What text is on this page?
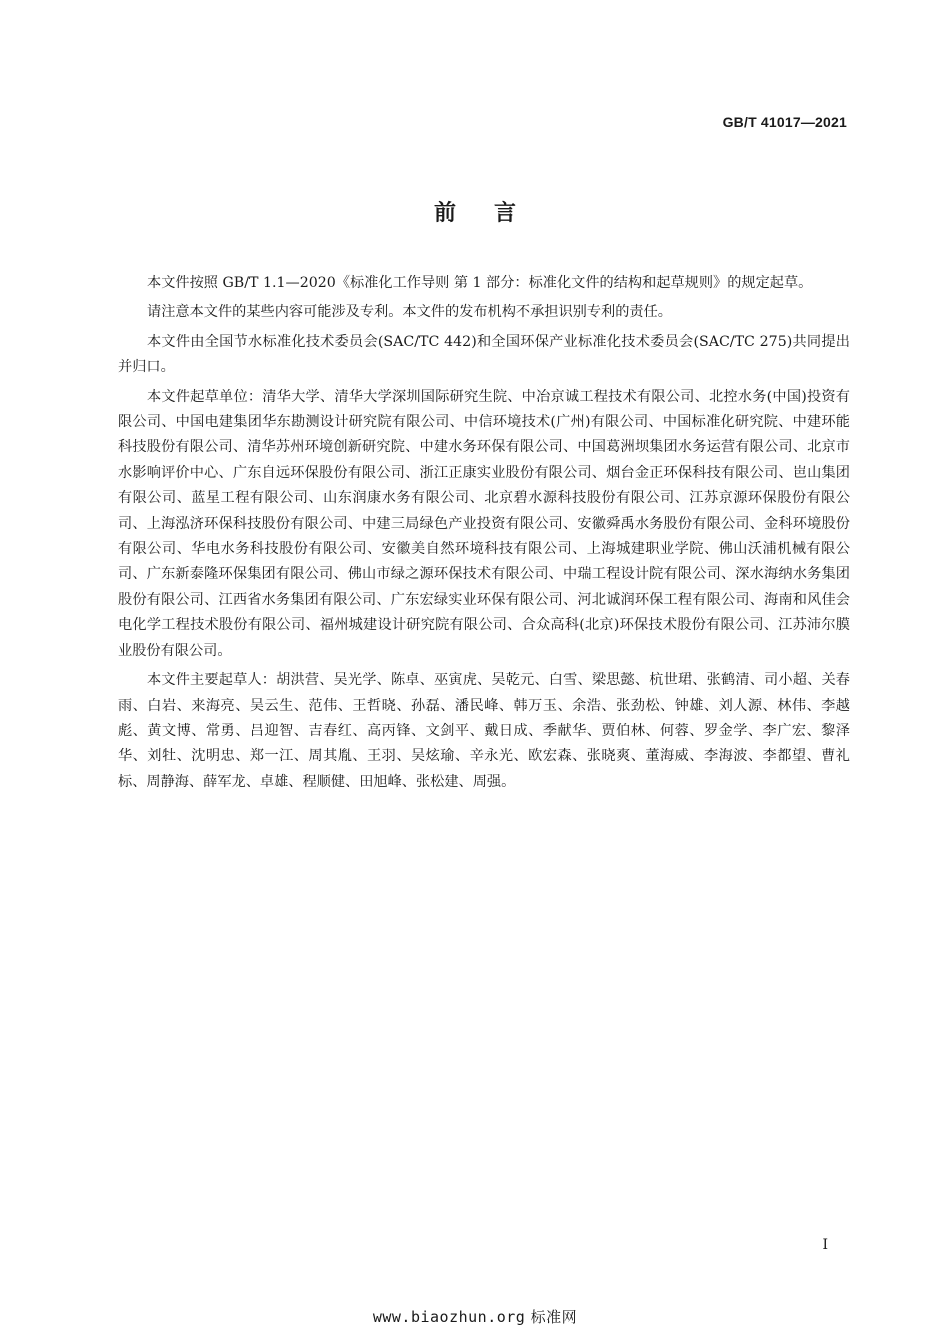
GB/T 41017—2021
前言

本文件按照 GB/T 1.1—2020《标准化工作导则 第 1 部分：标准化文件的结构和起草规则》的规定起草。

请注意本文件的某些内容可能涉及专利。本文件的发布机构不承担识别专利的责任。

本文件由全国节水标准化技术委员会(SAC/TC 442)和全国环保产业标准化技术委员会(SAC/TC 275)共同提出并归口。

本文件起草单位：清华大学、清华大学深圳国际研究生院、中冶京诚工程技术有限公司、北控水务(中国)投资有限公司、中国电建集团华东勘测设计研究院有限公司、中信环境技术(广州)有限公司、中国标准化研究院、中建环能科技股份有限公司、清华苏州环境创新研究院、中建水务环保有限公司、中国葛洲坝集团水务运营有限公司、北京市水影响评价中心、广东自远环保股份有限公司、浙江正康实业股份有限公司、烟台金正环保科技有限公司、岜山集团有限公司、蓝星工程有限公司、山东润康水务有限公司、北京碧水源科技股份有限公司、江苏京源环保股份有限公司、上海泓济环保科技股份有限公司、中建三局绿色产业投资有限公司、安徽舜禹水务股份有限公司、金科环境股份有限公司、华电水务科技股份有限公司、安徽美自然环境科技有限公司、上海城建职业学院、佛山沃浦机械有限公司、广东新泰隆环保集团有限公司、佛山市绿之源环保技术有限公司、中瑞工程设计院有限公司、深水海纳水务集团股份有限公司、江西省水务集团有限公司、广东宏绿实业环保有限公司、河北诚润环保工程有限公司、海南和风佳会电化学工程技术股份有限公司、福州城建设计研究院有限公司、合众高科(北京)环保技术股份有限公司、江苏沛尔膜业股份有限公司。

本文件主要起草人：胡洪营、吴光学、陈卓、巫寅虎、吴乾元、白雪、梁思懿、杭世珺、张鹤清、司小超、关春雨、白岩、来海亮、吴云生、范伟、王哲晓、孙磊、潘民峰、韩万玉、余浩、张劲松、钟雄、刘人源、林伟、李越彪、黄文博、常勇、吕迎智、吉春红、高丙锋、文剑平、戴日成、季献华、贾伯林、何蓉、罗金学、李广宏、黎泽华、刘牡、沈明忠、郑一江、周其胤、王羽、吴炫瑜、辛永光、欧宏森、张晓爽、董海威、李海波、李都望、曹礼标、周静海、薛军龙、卓雄、程顺健、田旭峰、张松建、周强。

I
www.biaozhun.org 标准网
